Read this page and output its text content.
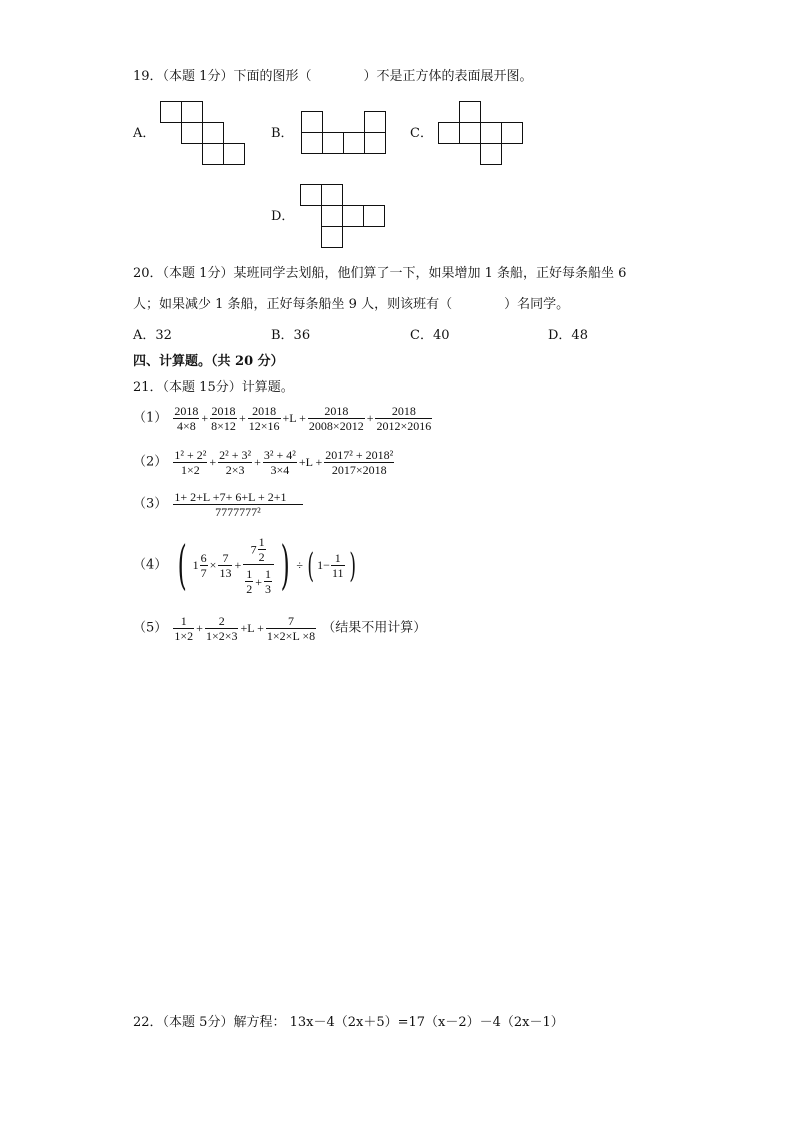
19．（本题 1分）下面的图形（　　　　）不是正方体的表面展开图。
A．	B．	C．
D．
20．（本题 1分）某班同学去划船，他们算了一下，如果增加 1 条船，正好每条船坐 6
人；如果减少 1 条船，正好每条船坐 9 人，则该班有（　　　　）名同学。
A．32	B．36	C．40	D．48
四、计算题。（共 20 分）
21．（本题 15分）计算题。
$(1) \frac{2018}{4\times 8} + \frac{2018}{8\times 12} + \frac{2018}{12\times 16} +L + \frac{2018}{2008\times 2012} + \frac{2018}{2012\times 2016}$
$(2) \frac{\text{1² + 2²}}{1\times 2} + \frac{\text{2² + 3²}}{2\times 3} + \frac{\text{3² + 4²}}{3\times 4} +L + \frac{\text{2017² + 2018²}}{2017\times 2018}$
$(3) \frac{1+ 2+L +7+ 6+L + 2+1}{\text{7777777²}}$
（4） ( $1 \frac{6}{7} \times \frac{7}{13} + \frac{7 \frac{1}{2}}{\frac{1}{2} + \frac{1}{3}}$ ) ÷ ( $1- \frac{1}{11}$ )
$(5) \frac{1}{1\times 2} + \frac{2}{1\times 2\times 3} +L + \frac{7}{1\times 2\times L \times 8}$ （结果不用计算）
22．（本题 5分）解方程： 13x－4（2x＋5）=17（x－2）－4（2x－1）
